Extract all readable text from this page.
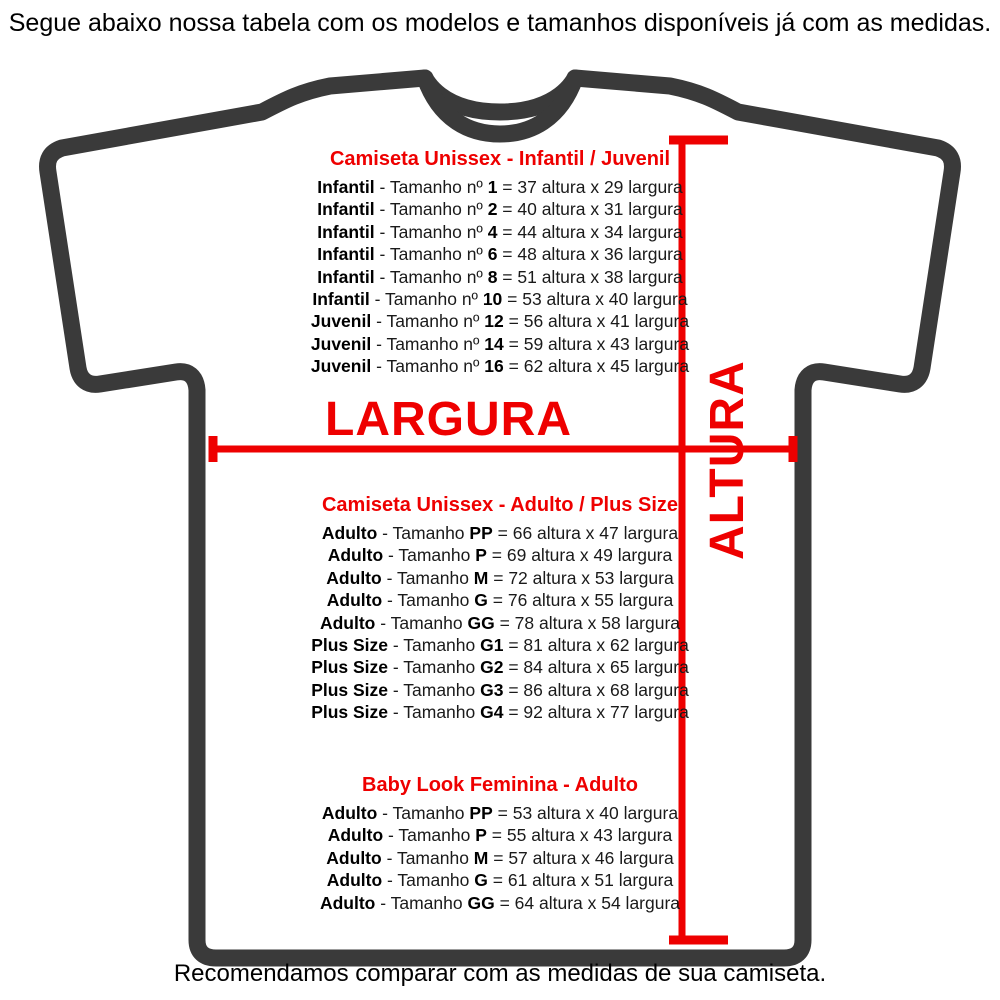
Segue abaixo nossa tabela com os modelos e tamanhos disponíveis já com as medidas.
LARGURA	ALTURA
Camiseta Unissex - Infantil / Juvenil
Infantil - Tamanho nº 1 = 37 altura x 29 largura
Infantil - Tamanho nº 2 = 40 altura x 31 largura
Infantil - Tamanho nº 4 = 44 altura x 34 largura
Infantil - Tamanho nº 6 = 48 altura x 36 largura
Infantil - Tamanho nº 8 = 51 altura x 38 largura
Infantil - Tamanho nº 10 = 53 altura x 40 largura
Juvenil - Tamanho nº 12 = 56 altura x 41 largura
Juvenil - Tamanho nº 14 = 59 altura x 43 largura
Juvenil - Tamanho nº 16 = 62 altura x 45 largura
Camiseta Unissex - Adulto / Plus Size
Adulto - Tamanho PP = 66 altura x 47 largura
Adulto - Tamanho P = 69 altura x 49 largura
Adulto - Tamanho M = 72 altura x 53 largura
Adulto - Tamanho G = 76 altura x 55 largura
Adulto - Tamanho GG = 78 altura x 58 largura
Plus Size - Tamanho G1 = 81 altura x 62 largura
Plus Size - Tamanho G2 = 84 altura x 65 largura
Plus Size - Tamanho G3 = 86 altura x 68 largura
Plus Size - Tamanho G4 = 92 altura x 77 largura
Baby Look Feminina - Adulto
Adulto - Tamanho PP = 53 altura x 40 largura
Adulto - Tamanho P = 55 altura x 43 largura
Adulto - Tamanho M = 57 altura x 46 largura
Adulto - Tamanho G = 61 altura x 51 largura
Adulto - Tamanho GG = 64 altura x 54 largura
Recomendamos comparar com as medidas de sua camiseta.
